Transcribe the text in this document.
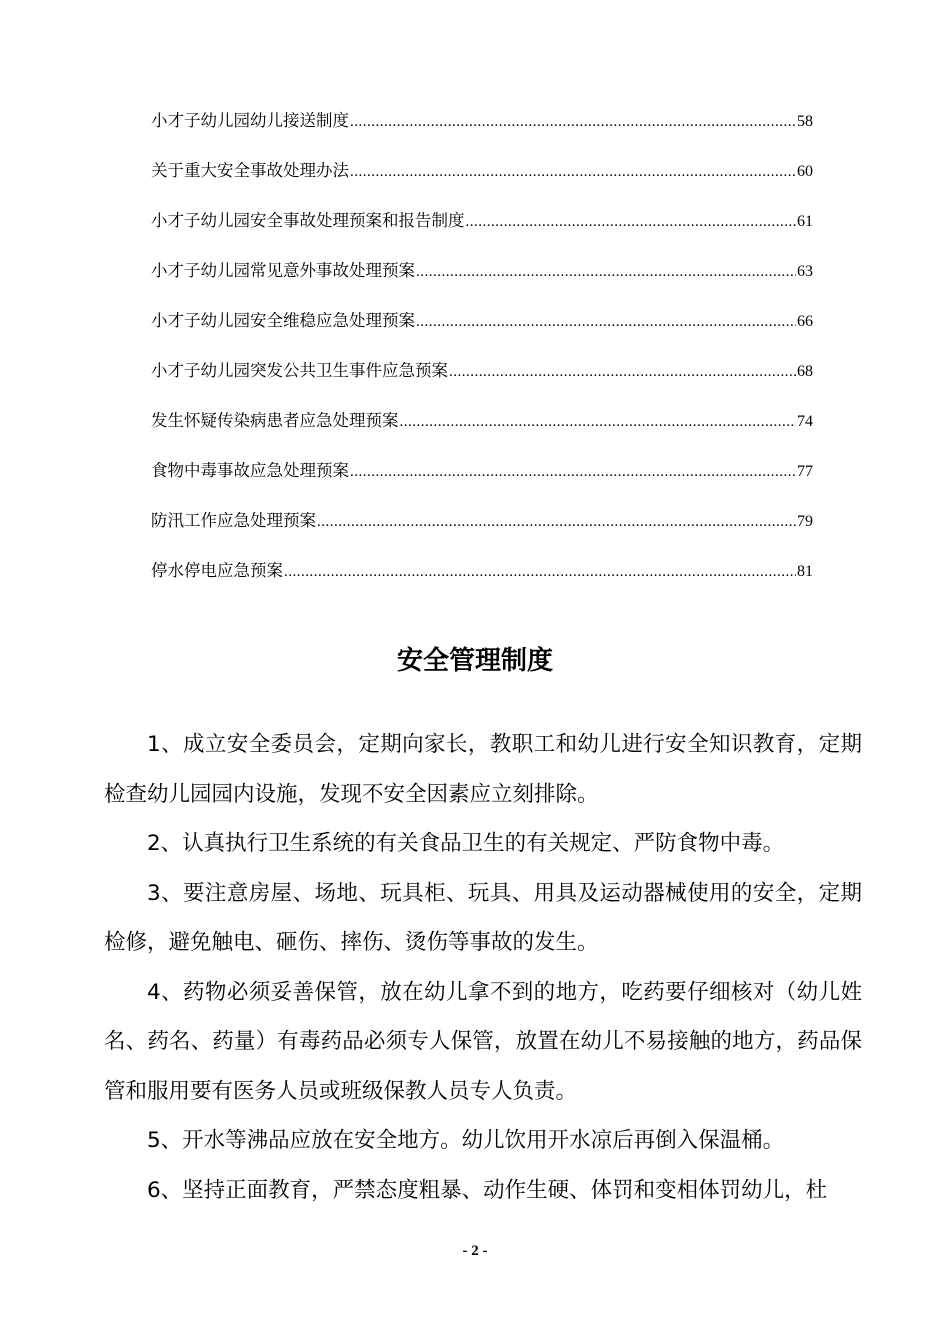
小才子幼儿园幼儿接送制度 .....	58
关于重大安全事故处理办法 .....	60
小才子幼儿园安全事故处理预案和报告制度 .....	61
小才子幼儿园常见意外事故处理预案 .....	63
小才子幼儿园安全维稳应急处理预案 .....	66
小才子幼儿园突发公共卫生事件应急预案 .....	68
发生怀疑传染病患者应急处理预案 .....	74
食物中毒事故应急处理预案 .....	77
防汛工作应急处理预案 .....	79
停水停电应急预案 .....	81
安全管理制度

1、成立安全委员会，定期向家长，教职工和幼儿进行安全知识教育，定期检查幼儿园园内设施，发现不安全因素应立刻排除。

2、认真执行卫生系统的有关食品卫生的有关规定、严防食物中毒。

3、要注意房屋、场地、玩具柜、玩具、用具及运动器械使用的安全，定期检修，避免触电、砸伤、摔伤、烫伤等事故的发生。

4、药物必须妥善保管，放在幼儿拿不到的地方，吃药要仔细核对（幼儿姓名、药名、药量）有毒药品必须专人保管，放置在幼儿不易接触的地方，药品保管和服用要有医务人员或班级保教人员专人负责。

5、开水等沸品应放在安全地方。幼儿饮用开水凉后再倒入保温桶。

6、坚持正面教育，严禁态度粗暴、动作生硬、体罚和变相体罚幼儿，杜

- 2 -
